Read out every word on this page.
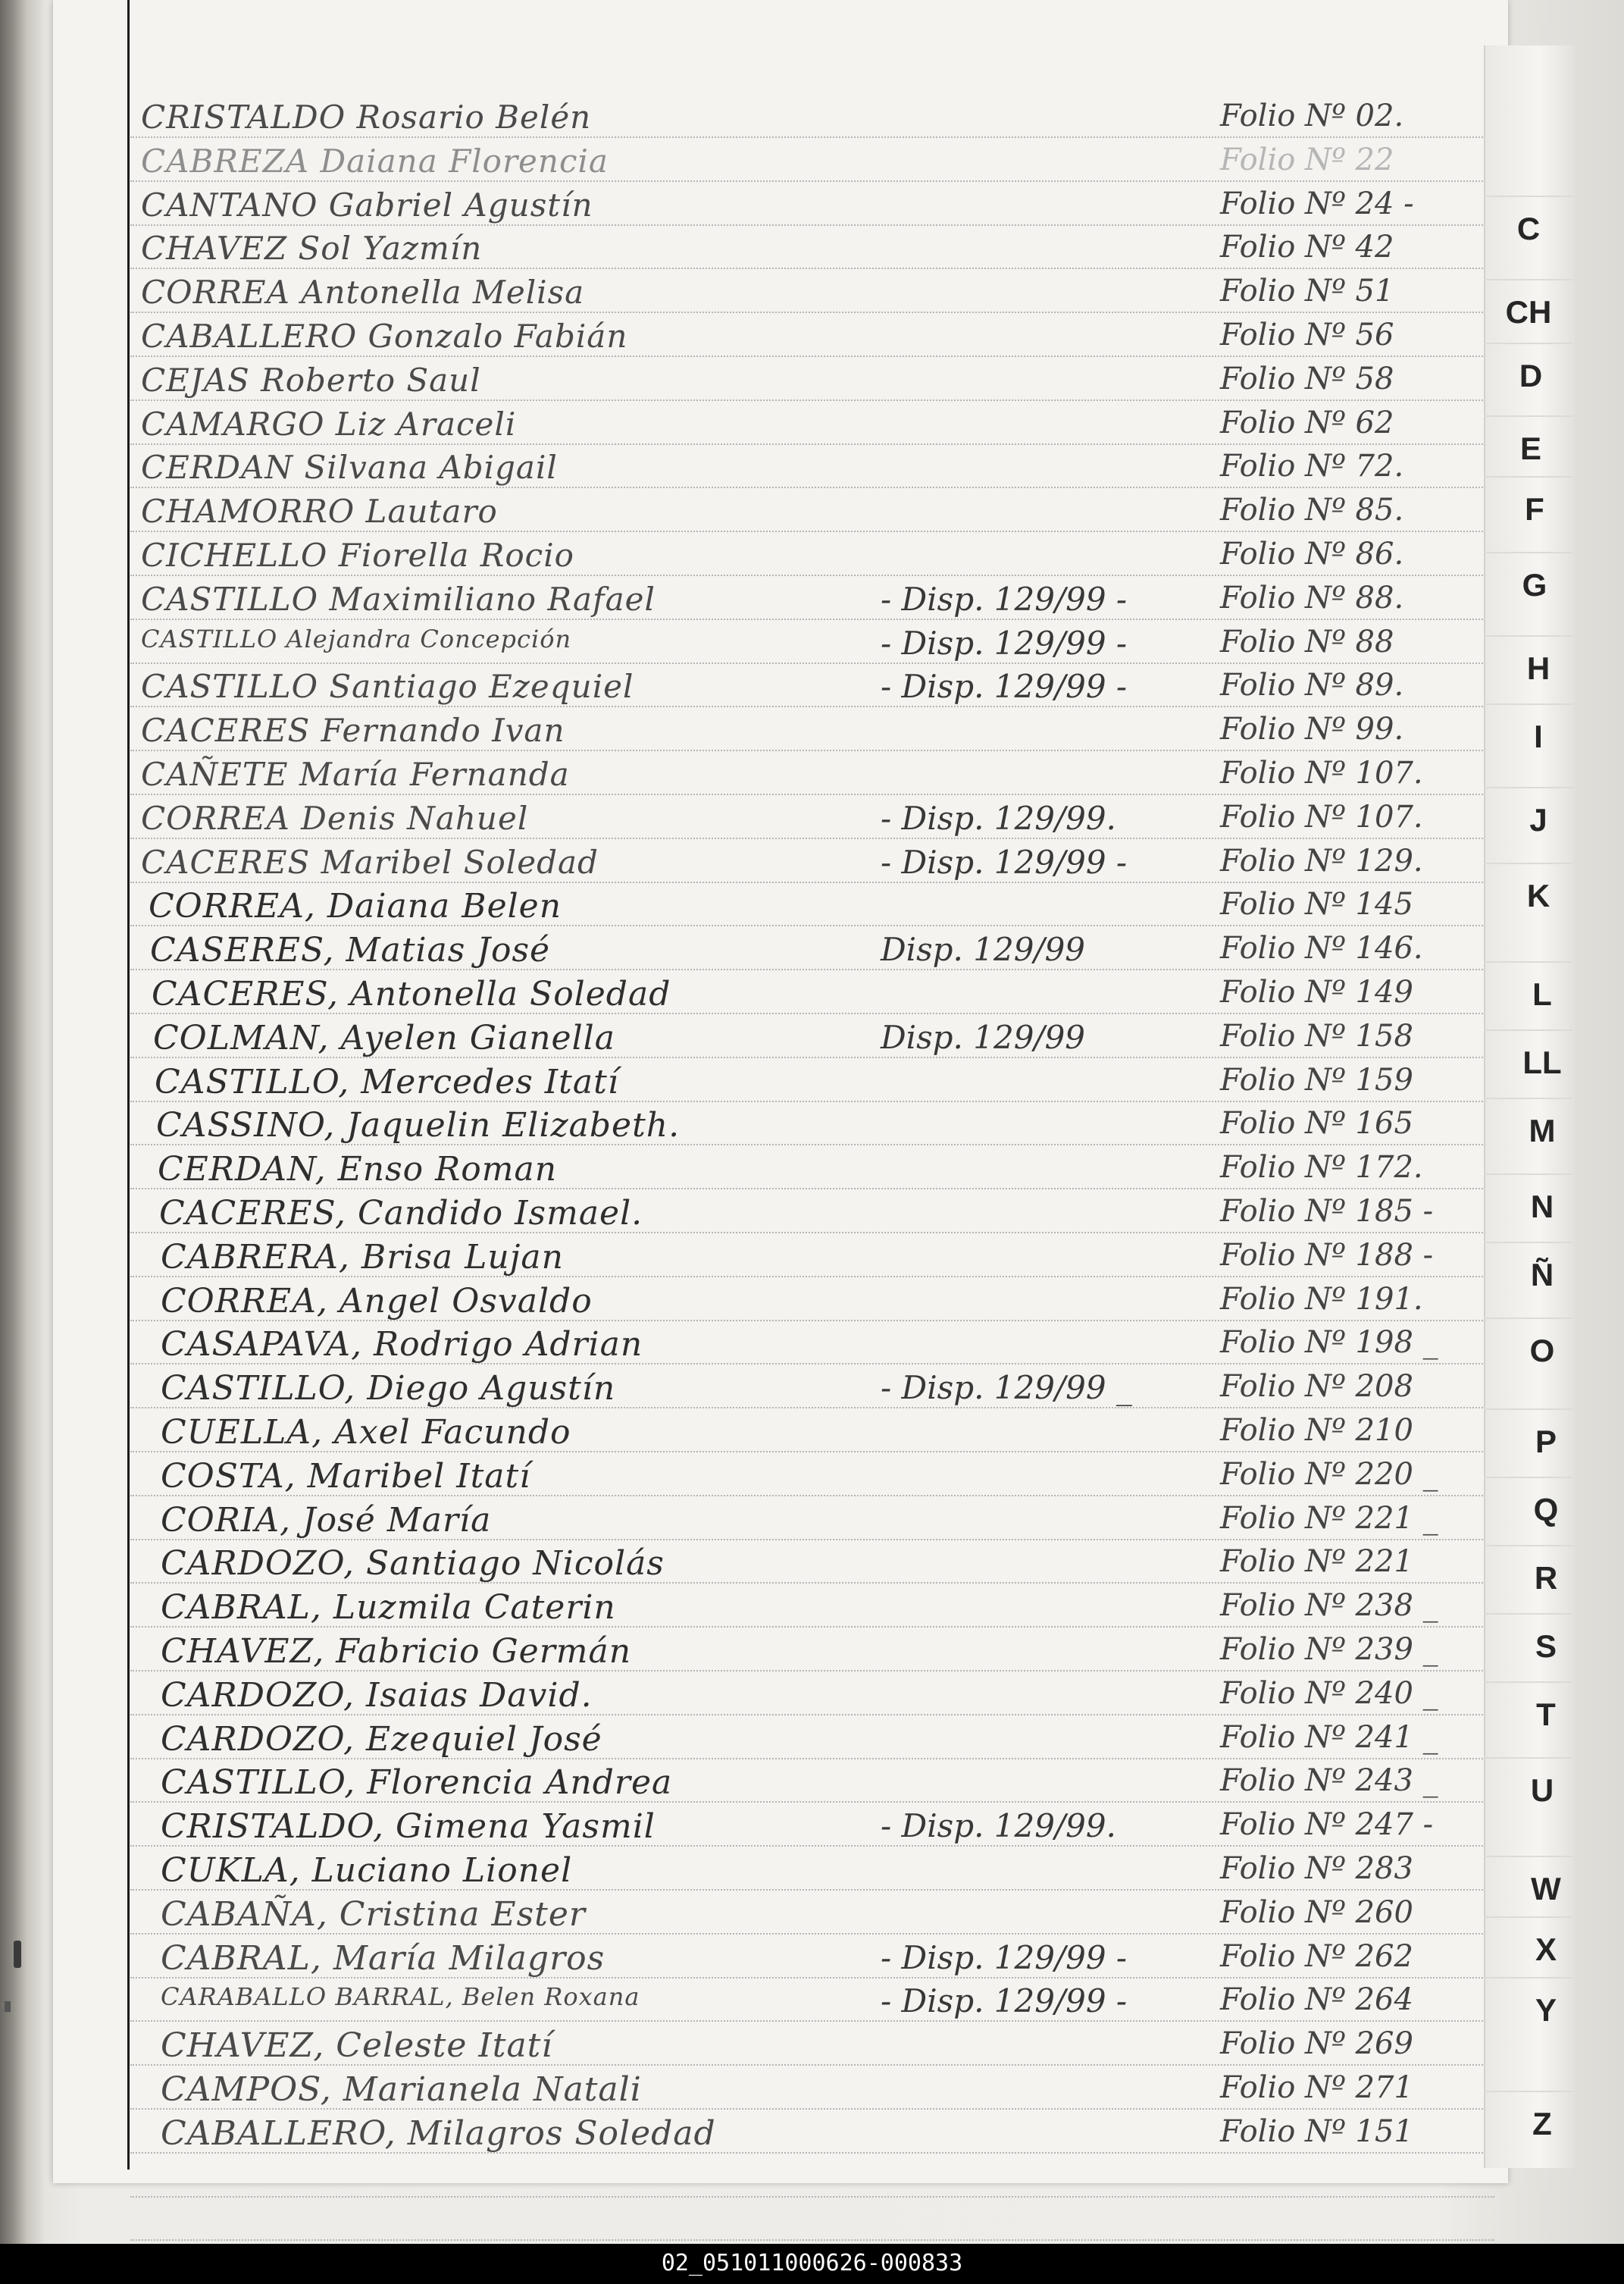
C
CH
D
E
F
G
H
I
J
K
L
LL
M
N
Ñ
O
P
Q
R
S
T
U
W
X
Y
Z
CRISTALDO Rosario Belén	Folio Nº 02.
CABREZA Daiana Florencia	Folio Nº 22
CANTANO Gabriel Agustín	Folio Nº 24 -
CHAVEZ Sol Yazmín	Folio Nº 42
CORREA Antonella Melisa	Folio Nº 51
CABALLERO Gonzalo Fabián	Folio Nº 56
CEJAS Roberto Saul	Folio Nº 58
CAMARGO Liz Araceli	Folio Nº 62
CERDAN Silvana Abigail	Folio Nº 72.
CHAMORRO Lautaro	Folio Nº 85.
CICHELLO Fiorella Rocio	Folio Nº 86.
CASTILLO Maximiliano Rafael	- Disp. 129/99 -	Folio Nº 88.
CASTILLO Alejandra Concepción	- Disp. 129/99 -	Folio Nº 88
CASTILLO Santiago Ezequiel	- Disp. 129/99 -	Folio Nº 89.
CACERES Fernando Ivan	Folio Nº 99.
CAÑETE María Fernanda	Folio Nº 107.
CORREA Denis Nahuel	- Disp. 129/99.	Folio Nº 107.
CACERES Maribel Soledad	- Disp. 129/99 -	Folio Nº 129.
CORREA, Daiana Belen	Folio Nº 145
CASERES, Matias José	Disp. 129/99	Folio Nº 146.
CACERES, Antonella Soledad	Folio Nº 149
COLMAN, Ayelen Gianella	Disp. 129/99	Folio Nº 158
CASTILLO, Mercedes Itatí	Folio Nº 159
CASSINO, Jaquelin Elizabeth.	Folio Nº 165
CERDAN, Enso Roman	Folio Nº 172.
CACERES, Candido Ismael.	Folio Nº 185 -
CABRERA, Brisa Lujan	Folio Nº 188 -
CORREA, Angel Osvaldo	Folio Nº 191.
CASAPAVA, Rodrigo Adrian	Folio Nº 198 _
CASTILLO, Diego Agustín	- Disp. 129/99 _	Folio Nº 208
CUELLA, Axel Facundo	Folio Nº 210
COSTA, Maribel Itatí	Folio Nº 220 _
CORIA, José María	Folio Nº 221 _
CARDOZO, Santiago Nicolás	Folio Nº 221
CABRAL, Luzmila Caterin	Folio Nº 238 _
CHAVEZ, Fabricio Germán	Folio Nº 239 _
CARDOZO, Isaias David.	Folio Nº 240 _
CARDOZO, Ezequiel José	Folio Nº 241 _
CASTILLO, Florencia Andrea	Folio Nº 243 _
CRISTALDO, Gimena Yasmil	- Disp. 129/99.	Folio Nº 247 -
CUKLA, Luciano Lionel	Folio Nº 283
CABAÑA, Cristina Ester	Folio Nº 260
CABRAL, María Milagros	- Disp. 129/99 -	Folio Nº 262
CARABALLO BARRAL, Belen Roxana	- Disp. 129/99 -	Folio Nº 264
CHAVEZ, Celeste Itatí	Folio Nº 269
CAMPOS, Marianela Natali	Folio Nº 271
CABALLERO, Milagros Soledad	Folio Nº 151
02_051011000626-000833
